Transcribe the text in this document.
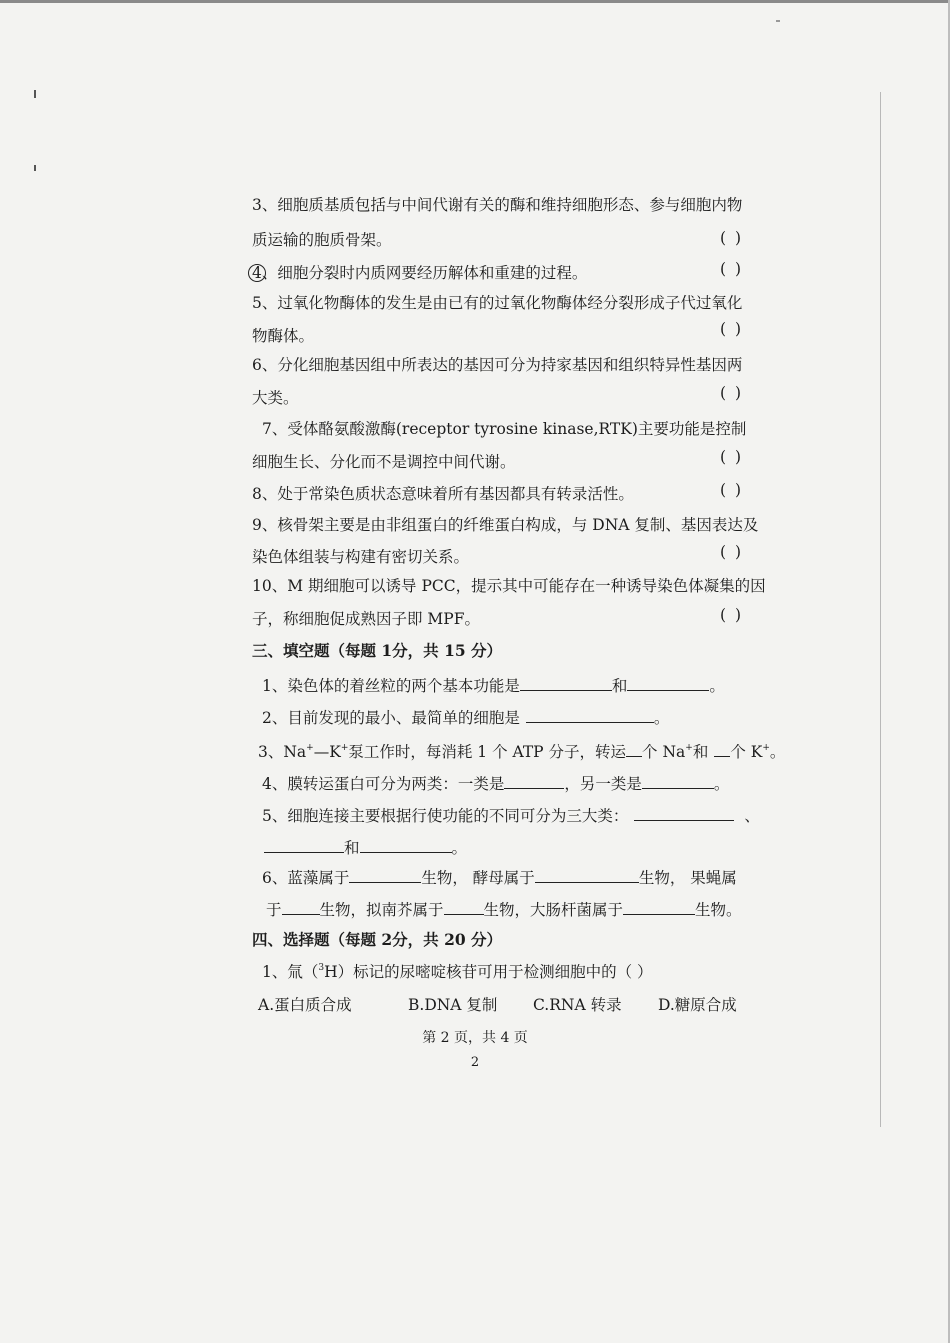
3、细胞质基质包括与中间代谢有关的酶和维持细胞形态、参与细胞内物
质运输的胞质骨架。	( )
4、细胞分裂时内质网要经历解体和重建的过程。	( )
5、过氧化物酶体的发生是由已有的过氧化物酶体经分裂形成子代过氧化
物酶体。	( )
6、分化细胞基因组中所表达的基因可分为持家基因和组织特异性基因两
大类。	( )
7、受体酪氨酸激酶(receptor tyrosine kinase,RTK)主要功能是控制
细胞生长、分化而不是调控中间代谢。	( )
8、处于常染色质状态意味着所有基因都具有转录活性。	( )
9、核骨架主要是由非组蛋白的纤维蛋白构成，与 DNA 复制、基因表达及
染色体组装与构建有密切关系。	( )
10、M 期细胞可以诱导 PCC，提示其中可能存在一种诱导染色体凝集的因
子，称细胞促成熟因子即 MPF。	( )
三、填空题（每题 1分，共 15 分）
1、染色体的着丝粒的两个基本功能是	和	。
2、目前发现的最小、最简单的细胞是	。
3、Na+—K+泵工作时，每消耗 1 个 ATP 分子，转运 个 Na+和 个 K+。
4、膜转运蛋白可分为两类：一类是	，另一类是	。
5、细胞连接主要根据行使功能的不同可分为三大类：	、
和	。
6、蓝藻属于	生物， 酵母属于	生物， 果蝇属
于 生物，拟南芥属于	生物，大肠杆菌属于	生物。
四、选择题（每题 2分，共 20 分）
1、氚（$^3$H）标记的尿嘧啶核苷可用于检测细胞中的（ ）
A.蛋白质合成	B.DNA 复制 C.RNA 转录 D.糖原合成
第 2 页，共 4 页
2
